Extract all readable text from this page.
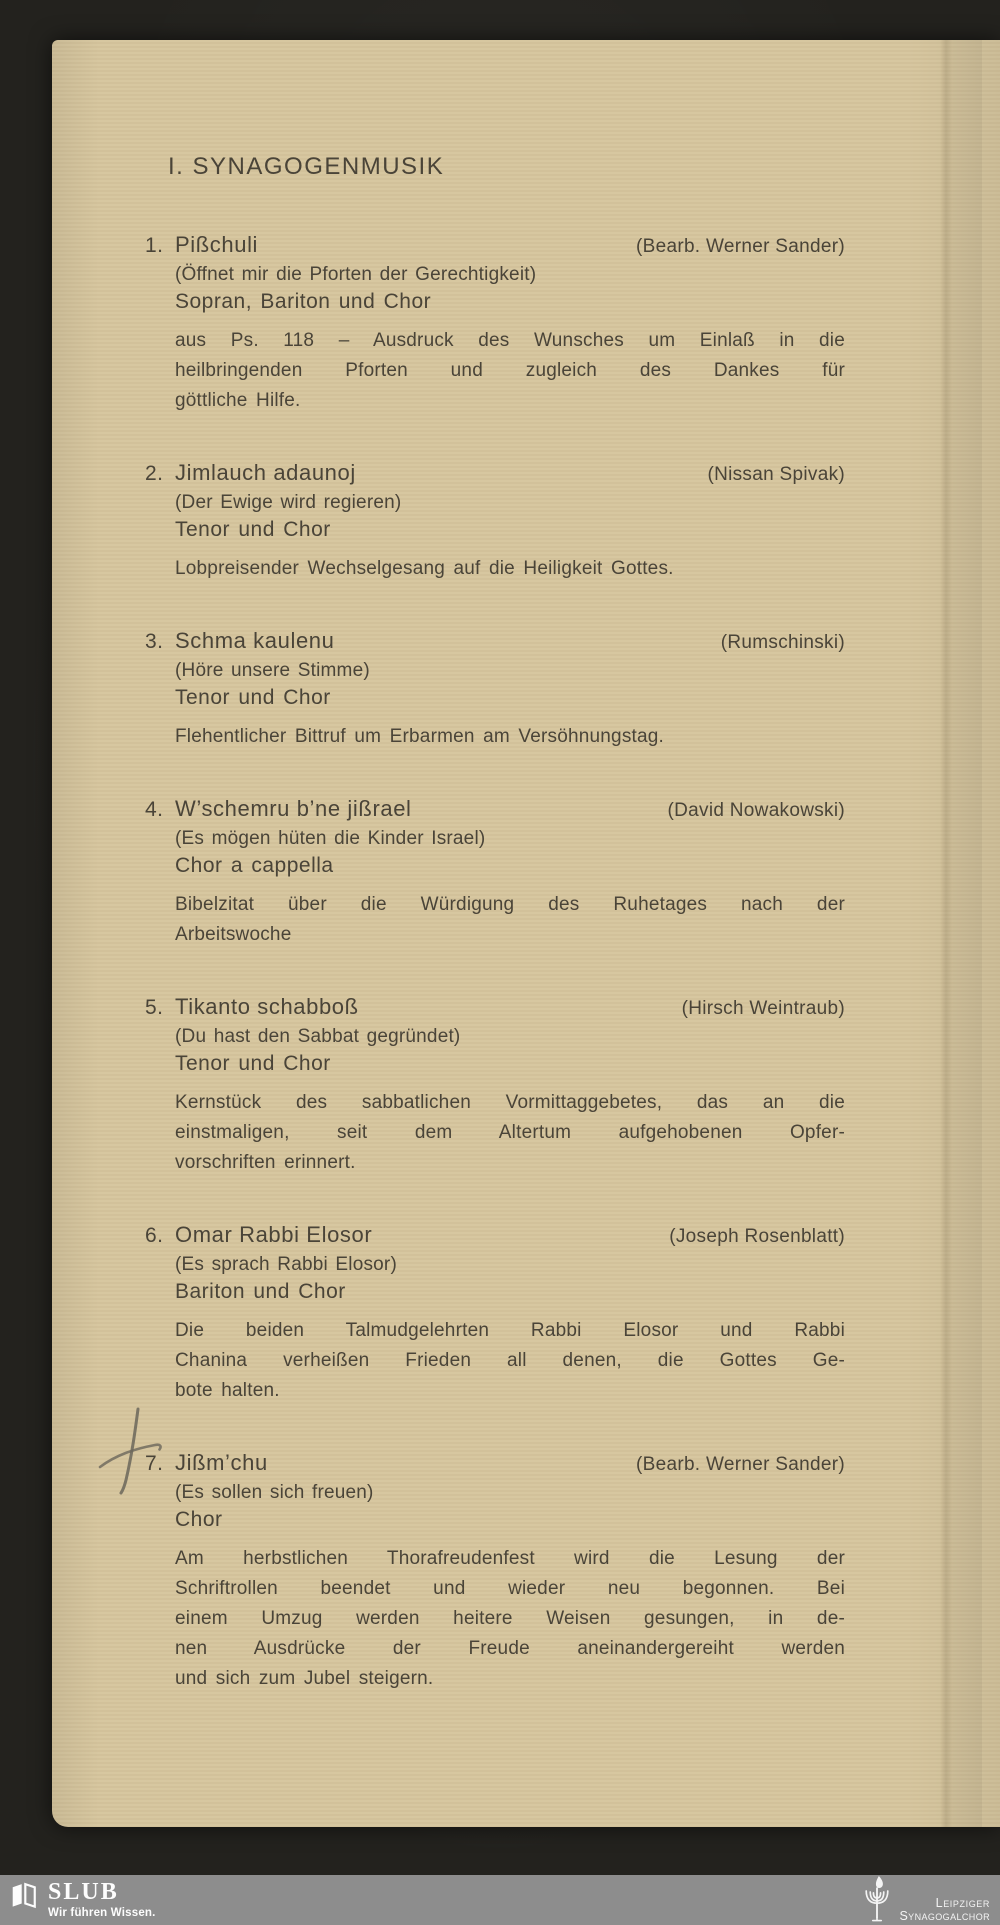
I. SYNAGOGENMUSIK
1. Pißchuli	(Bearb. Werner Sander)
(Öffnet mir die Pforten der Gerechtigkeit)
Sopran, Bariton und Chor
aus Ps. 118 – Ausdruck des Wunsches um Einlaß in die
heilbringenden Pforten und zugleich des Dankes für
göttliche Hilfe.
2. Jimlauch adaunoj	(Nissan Spivak)
(Der Ewige wird regieren)
Tenor und Chor
Lobpreisender Wechselgesang auf die Heiligkeit Gottes.
3. Schma kaulenu	(Rumschinski)
(Höre unsere Stimme)
Tenor und Chor
Flehentlicher Bittruf um Erbarmen am Versöhnungstag.
4. W’schemru b’ne jißrael	(David Nowakowski)
(Es mögen hüten die Kinder Israel)
Chor a cappella
Bibelzitat über die Würdigung des Ruhetages nach der
Arbeitswoche
5. Tikanto schabboß	(Hirsch Weintraub)
(Du hast den Sabbat gegründet)
Tenor und Chor
Kernstück des sabbatlichen Vormittaggebetes, das an die
einstmaligen, seit dem Altertum aufgehobenen Opfer-
vorschriften erinnert.
6. Omar Rabbi Elosor	(Joseph Rosenblatt)
(Es sprach Rabbi Elosor)
Bariton und Chor
Die beiden Talmudgelehrten Rabbi Elosor und Rabbi
Chanina verheißen Frieden all denen, die Gottes Ge-
bote halten.
7. Jißm’chu	(Bearb. Werner Sander)
(Es sollen sich freuen)
Chor
Am herbstlichen Thorafreudenfest wird die Lesung der
Schriftrollen beendet und wieder neu begonnen. Bei
einem Umzug werden heitere Weisen gesungen, in de-
nen Ausdrücke der Freude aneinandergereiht werden
und sich zum Jubel steigern.
SLUB
Wir führen Wissen.
Leipziger
Synagogalchor
